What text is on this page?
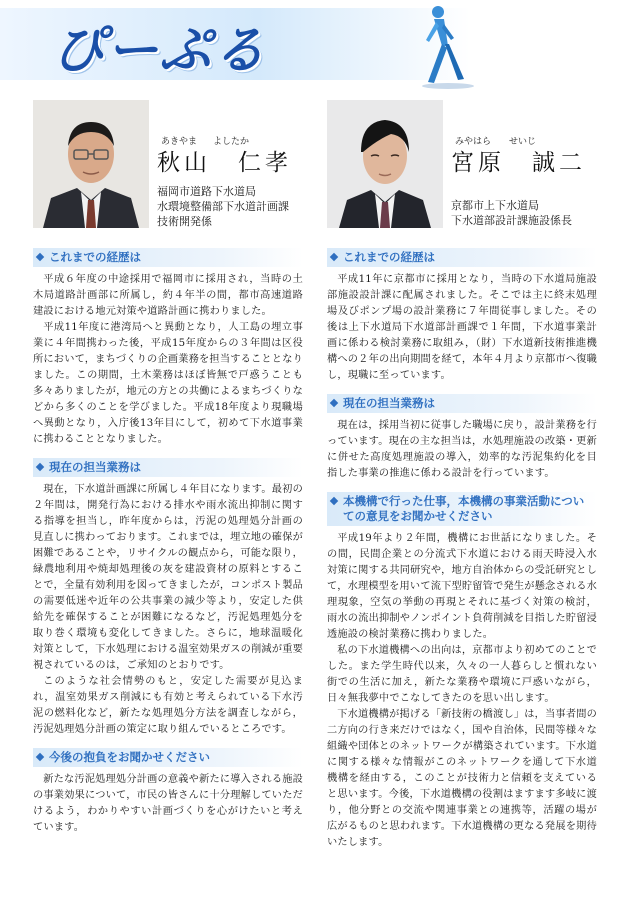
ぴーぷる
あきやま よしたか
秋山　仁孝
福岡市道路下水道局
水環境整備部下水道計画課
技術開発係
これまでの経歴は

平成６年度の中途採用で福岡市に採用され，当時の土木局道路計画部に所属し，約４年半の間，都市高速道路建設における地元対策や道路計画に携わりました。

平成11年度に港湾局へと異動となり，人工島の埋立事業に４年間携わった後，平成15年度からの３年間は区役所において，まちづくりの企画業務を担当することとなりました。この期間，土木業務はほぼ皆無で戸惑うことも多々ありましたが，地元の方との共働によるまちづくりなどから多くのことを学びました。平成18年度より現職場へ異動となり，入庁後13年目にして，初めて下水道事業に携わることとなりました。

現在の担当業務は

現在，下水道計画課に所属し４年目になります。最初の２年間は，開発行為における排水や雨水流出抑制に関する指導を担当し，昨年度からは，汚泥の処理処分計画の見直しに携わっております。これまでは，埋立地の確保が困難であることや，リサイクルの観点から，可能な限り，緑農地利用や焼却処理後の灰を建設資材の原料とすることで，全量有効利用を図ってきましたが，コンポスト製品の需要低迷や近年の公共事業の減少等より，安定した供給先を確保することが困難になるなど，汚泥処理処分を取り巻く環境も変化してきました。さらに，地球温暖化対策として，下水処理における温室効果ガスの削減が重要視されているのは，ご承知のとおりです。

このような社会情勢のもと，安定した需要が見込まれ，温室効果ガス削減にも有効と考えられている下水汚泥の燃料化など，新たな処理処分方法を調査しながら，汚泥処理処分計画の策定に取り組んでいるところです。

今後の抱負をお聞かせください

新たな汚泥処理処分計画の意義や新たに導入される施設の事業効果について，市民の皆さんに十分理解していただけるよう，わかりやすい計画づくりを心がけたいと考えています。

みやはら せいじ
宮原　誠二
京都市上下水道局
下水道部設計課施設係長
これまでの経歴は

平成11年に京都市に採用となり，当時の下水道局施設部施設設計課に配属されました。そこでは主に終末処理場及びポンプ場の設計業務に７年間従事しました。その後は上下水道局下水道部計画課で１年間，下水道事業計画に係わる検討業務に取組み，（財）下水道新技術推進機構への２年の出向期間を経て，本年４月より京都市へ復職し，現職に至っています。

現在の担当業務は

現在は，採用当初に従事した職場に戻り，設計業務を行っています。現在の主な担当は，水処理施設の改築・更新に併せた高度処理施設の導入，効率的な汚泥集約化を目指した事業の推進に係わる設計を行っています。

本機構で行った仕事，本機構の事業活動についての意見をお聞かせください

平成19年より２年間，機構にお世話になりました。その間，民間企業との分流式下水道における雨天時浸入水対策に関する共同研究や，地方自治体からの受託研究として，水理模型を用いて流下型貯留管で発生が懸念される水理現象，空気の挙動の再現とそれに基づく対策の検討，雨水の流出抑制やノンポイント負荷削減を目指した貯留浸透施設の検討業務に携わりました。

私の下水道機構への出向は，京都市より初めてのことでした。また学生時代以来，久々の一人暮らしと慣れない街での生活に加え，新たな業務や環境に戸惑いながら，日々無我夢中でこなしてきたのを思い出します。

下水道機構が掲げる「新技術の橋渡し」は，当事者間の二方向の行き来だけではなく，国や自治体，民間等様々な組織や団体とのネットワークが構築されています。下水道に関する様々な情報がこのネットワークを通して下水道機構を経由する，このことが技術力と信頼を支えていると思います。今後，下水道機構の役割はますます多岐に渡り，他分野との交流や関連事業との連携等，活躍の場が広がるものと思われます。下水道機構の更なる発展を期待いたします。
